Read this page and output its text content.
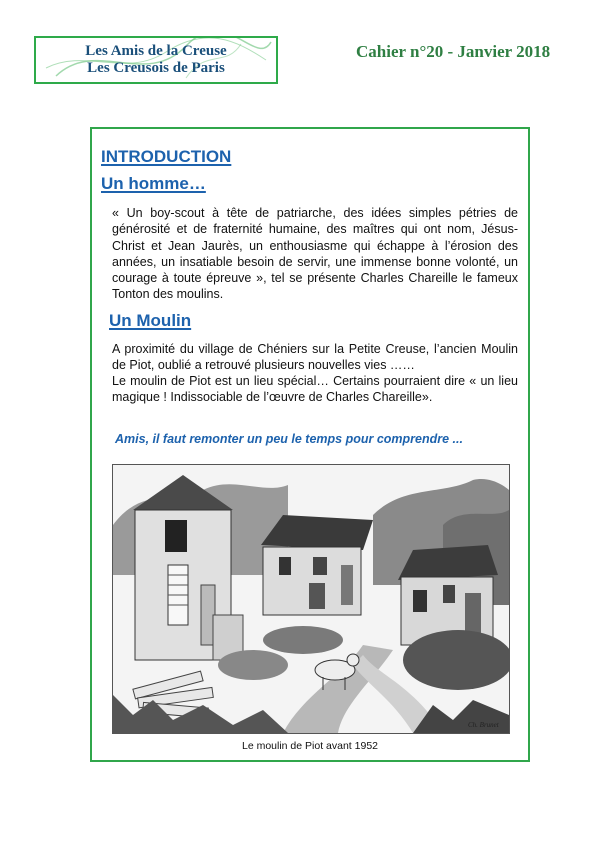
Les Amis de la Creuse
Les Creusois de Paris
Cahier n°20 - Janvier 2018
INTRODUCTION
Un homme…

« Un boy-scout à tête de patriarche, des idées simples pétries de générosité et de fraternité humaine, des maîtres qui ont nom, Jésus-Christ et Jean Jaurès, un enthousiasme qui échappe à l’érosion des années, un insatiable besoin de servir, une immense bonne volonté, un courage à toute épreuve », tel se présente Charles Chareille le fameux Tonton des moulins.

Un Moulin

A proximité du village de Chéniers sur la Petite Creuse, l’ancien Moulin de Piot, oublié a retrouvé plusieurs nouvelles vies ……

Le moulin de Piot est un lieu spécial… Certains pourraient dire « un lieu magique ! Indissociable de l’œuvre de Charles Chareille».

Amis, il faut remonter un peu le temps pour comprendre ...

Ch. Brunet

Le moulin de Piot avant 1952
